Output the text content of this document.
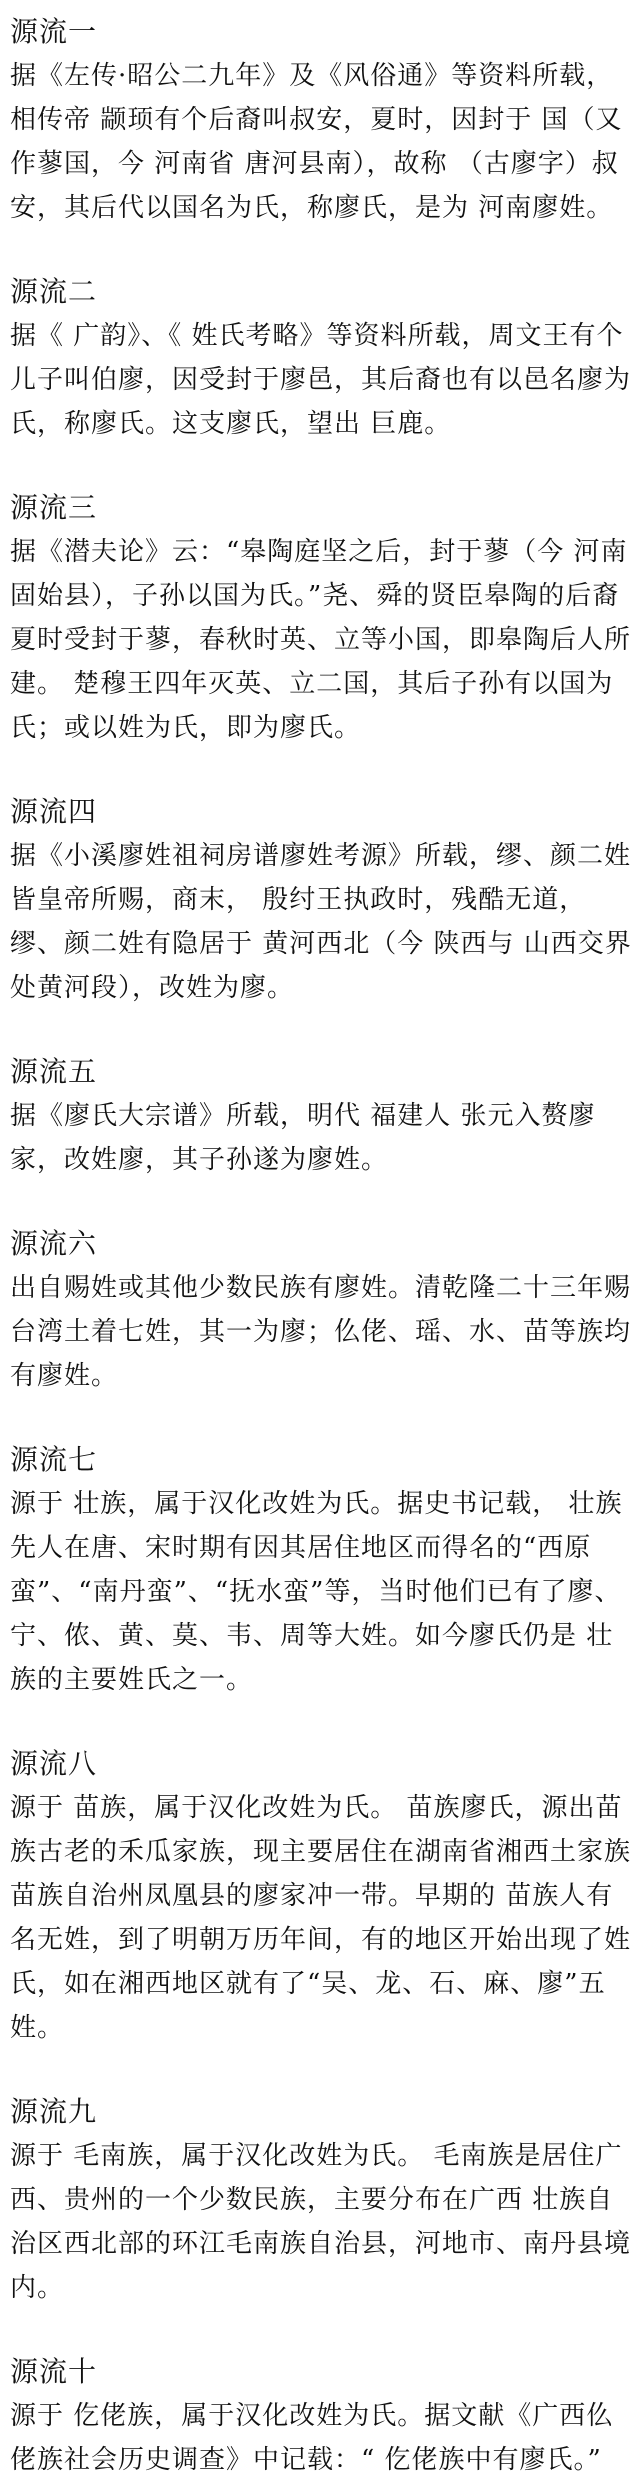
源流一
据《左传·昭公二九年》及《风俗通》等资料所载，相传帝 颛顼有个后裔叫叔安，夏时，因封于 国（又作蓼国，今 河南省 唐河县南），故称 （古廖字）叔安，其后代以国名为氏，称廖氏，是为 河南廖姓。
源流二
据《 广韵》、《 姓氏考略》等资料所载，周文王有个儿子叫伯廖，因受封于廖邑，其后裔也有以邑名廖为氏，称廖氏。这支廖氏，望出 巨鹿。
源流三
据《潜夫论》云：“皋陶庭坚之后，封于蓼（今 河南 固始县），子孙以国为氏。”尧、舜的贤臣皋陶的后裔夏时受封于蓼，春秋时英、立等小国，即皋陶后人所建。 楚穆王四年灭英、立二国，其后子孙有以国为氏；或以姓为氏，即为廖氏。
源流四
据《小溪廖姓祖祠房谱廖姓考源》所载，缪、颜二姓皆皇帝所赐，商末， 殷纣王执政时，残酷无道，缪、颜二姓有隐居于 黄河西北（今 陕西与 山西交界处黄河段），改姓为廖。
源流五
据《廖氏大宗谱》所载，明代 福建人 张元入赘廖家，改姓廖，其子孙遂为廖姓。
源流六
出自赐姓或其他少数民族有廖姓。清乾隆二十三年赐 台湾土着七姓，其一为廖；仫佬、瑶、水、苗等族均有廖姓。
源流七
源于 壮族，属于汉化改姓为氏。据史书记载， 壮族先人在唐、宋时期有因其居住地区而得名的“西原蛮”、“南丹蛮”、“抚水蛮”等，当时他们已有了廖、宁、侬、黄、莫、韦、周等大姓。如今廖氏仍是 壮族的主要姓氏之一。
源流八
源于 苗族，属于汉化改姓为氏。 苗族廖氏，源出苗族古老的禾瓜家族，现主要居住在湖南省湘西土家族苗族自治州凤凰县的廖家冲一带。早期的 苗族人有名无姓，到了明朝万历年间，有的地区开始出现了姓氏，如在湘西地区就有了“吴、龙、石、麻、廖”五姓。
源流九
源于 毛南族，属于汉化改姓为氏。 毛南族是居住广西、贵州的一个少数民族，主要分布在广西 壮族自治区西北部的环江毛南族自治县，河地市、南丹县境内。
源流十
源于 仡佬族，属于汉化改姓为氏。据文献《广西仫佬族社会历史调查》中记载：“ 仡佬族中有廖氏。”
